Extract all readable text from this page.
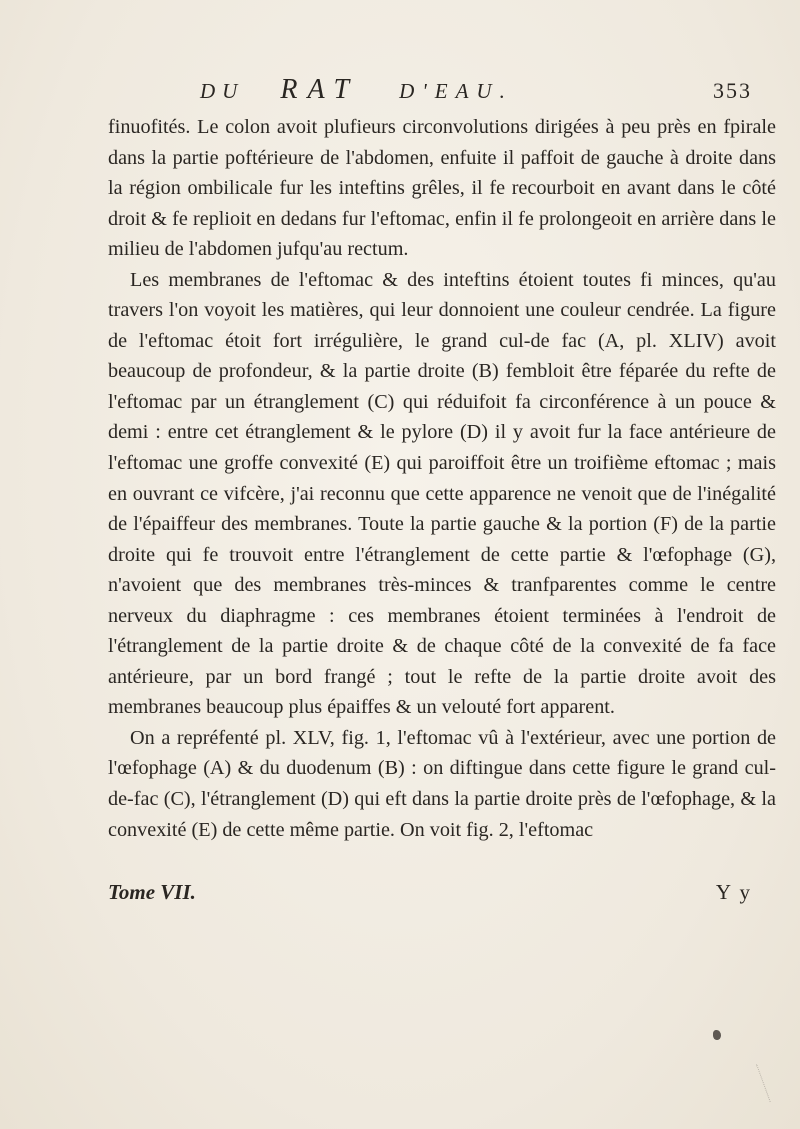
DU RAT D'EAU.	353

finuofités. Le colon avoit plufieurs circonvolutions dirigées à peu près en fpirale dans la partie poftérieure de l'abdomen, enfuite il paffoit de gauche à droite dans la région ombilicale fur les inteftins grêles, il fe recourboit en avant dans le côté droit & fe replioit en dedans fur l'eftomac, enfin il fe prolongeoit en arrière dans le milieu de l'abdomen jufqu'au rectum.

Les membranes de l'eftomac & des inteftins étoient toutes fi minces, qu'au travers l'on voyoit les matières, qui leur donnoient une couleur cendrée. La figure de l'eftomac étoit fort irrégulière, le grand cul-de fac (A, pl. XLIV) avoit beaucoup de profondeur, & la partie droite (B) fembloit être féparée du refte de l'eftomac par un étranglement (C) qui réduifoit fa circonférence à un pouce & demi : entre cet étranglement & le pylore (D) il y avoit fur la face antérieure de l'eftomac une groffe convexité (E) qui paroiffoit être un troifième eftomac ; mais en ouvrant ce vifcère, j'ai reconnu que cette apparence ne venoit que de l'inégalité de l'épaiffeur des membranes. Toute la partie gauche & la portion (F) de la partie droite qui fe trouvoit entre l'étranglement de cette partie & l'œfophage (G), n'avoient que des membranes très-minces & tranfparentes comme le centre nerveux du diaphragme : ces membranes étoient terminées à l'endroit de l'étranglement de la partie droite & de chaque côté de la convexité de fa face antérieure, par un bord frangé ; tout le refte de la partie droite avoit des membranes beaucoup plus épaiffes & un velouté fort apparent.

On a repréfenté pl. XLV, fig. 1, l'eftomac vû à l'extérieur, avec une portion de l'œfophage (A) & du duodenum (B) : on diftingue dans cette figure le grand cul-de-fac (C), l'étranglement (D) qui eft dans la partie droite près de l'œfophage, & la convexité (E) de cette même partie. On voit fig. 2, l'eftomac

Tome VII.	Y y
